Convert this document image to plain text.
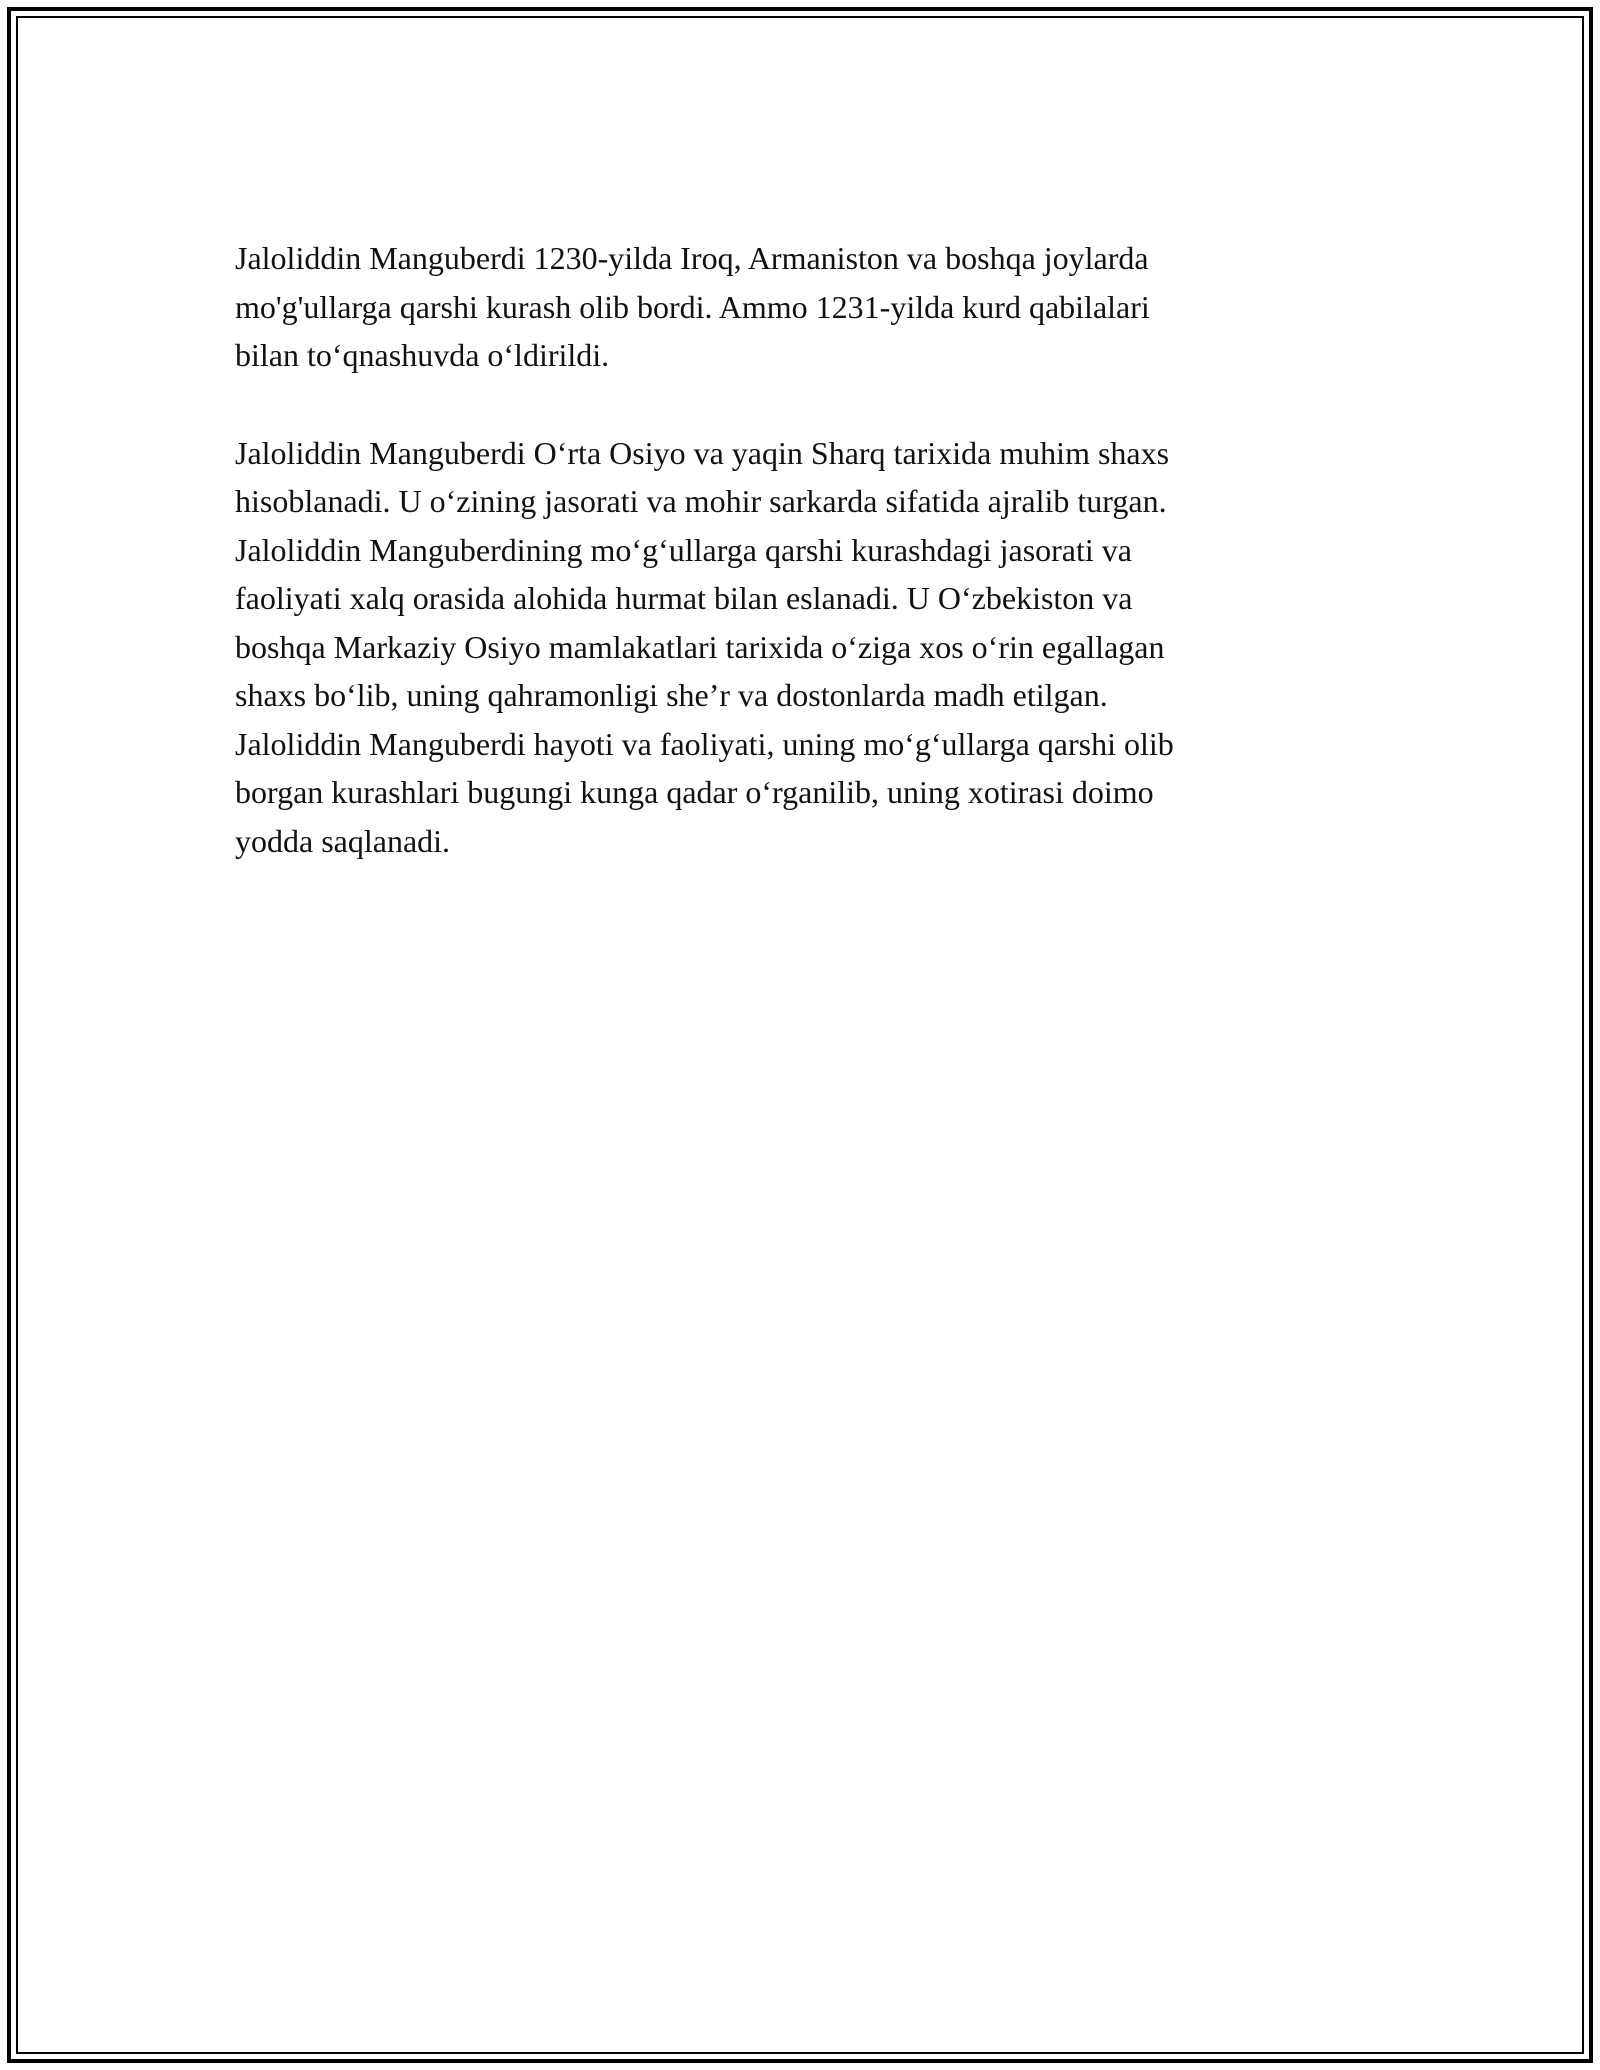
Jaloliddin Manguberdi 1230-yilda Iroq, Armaniston va boshqa joylarda
mo'g'ullarga qarshi kurash olib bordi. Ammo 1231-yilda kurd qabilalari
bilan to‘qnashuvda o‘ldirildi.

Jaloliddin Manguberdi O‘rta Osiyo va yaqin Sharq tarixida muhim shaxs
hisoblanadi. U o‘zining jasorati va mohir sarkarda sifatida ajralib turgan.
Jaloliddin Manguberdining mo‘g‘ullarga qarshi kurashdagi jasorati va
faoliyati xalq orasida alohida hurmat bilan eslanadi. U O‘zbekiston va
boshqa Markaziy Osiyo mamlakatlari tarixida o‘ziga xos o‘rin egallagan
shaxs bo‘lib, uning qahramonligi she’r va dostonlarda madh etilgan.
Jaloliddin Manguberdi hayoti va faoliyati, uning mo‘g‘ullarga qarshi olib
borgan kurashlari bugungi kunga qadar o‘rganilib, uning xotirasi doimo
yodda saqlanadi.
